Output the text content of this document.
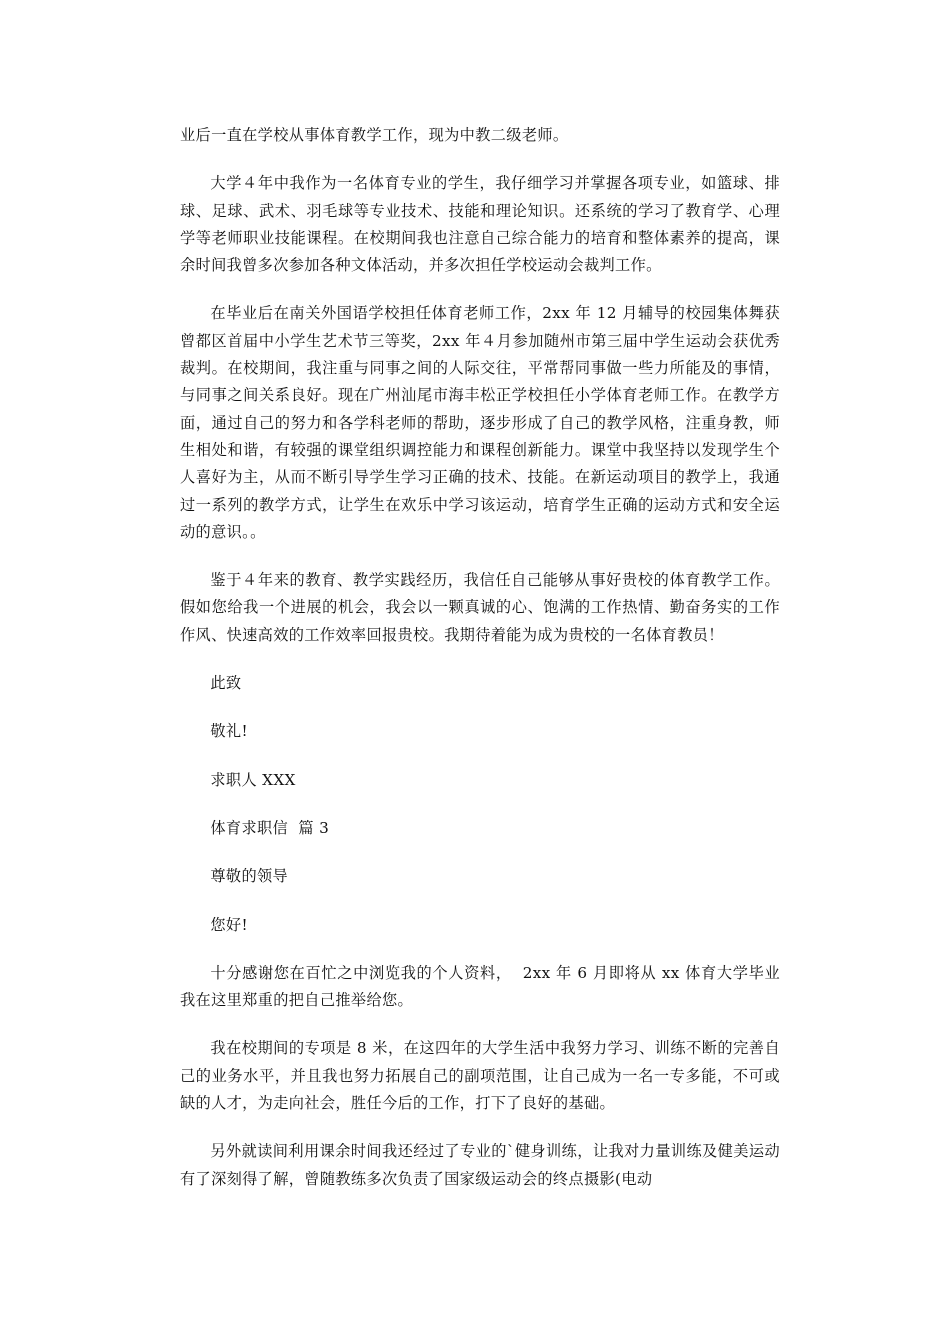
业后一直在学校从事体育教学工作，现为中教二级老师。

大学４年中我作为一名体育专业的学生，我仔细学习并掌握各项专业，如篮球、排球、足球、武术、羽毛球等专业技术、技能和理论知识。还系统的学习了教育学、心理学等老师职业技能课程。在校期间我也注意自己综合能力的培育和整体素养的提高，课余时间我曾多次参加各种文体活动，并多次担任学校运动会裁判工作。

在毕业后在南关外国语学校担任体育老师工作，2xx 年 12 月辅导的校园集体舞获曾都区首届中小学生艺术节三等奖，2xx 年４月参加随州市第三届中学生运动会获优秀裁判。在校期间，我注重与同事之间的人际交往，平常帮同事做一些力所能及的事情，与同事之间关系良好。现在广州汕尾市海丰松正学校担任小学体育老师工作。在教学方面，通过自己的努力和各学科老师的帮助，逐步形成了自己的教学风格，注重身教，师生相处和谐，有较强的课堂组织调控能力和课程创新能力。课堂中我坚持以发现学生个人喜好为主，从而不断引导学生学习正确的技术、技能。在新运动项目的教学上，我通过一系列的教学方式，让学生在欢乐中学习该运动，培育学生正确的运动方式和安全运动的意识。。

鉴于４年来的教育、教学实践经历，我信任自己能够从事好贵校的体育教学工作。假如您给我一个进展的机会，我会以一颗真诚的心、饱满的工作热情、勤奋务实的工作作风、快速高效的工作效率回报贵校。我期待着能为成为贵校的一名体育教员！

此致

敬礼!

求职人 XXX

体育求职信  篇 3

尊敬的领导

您好!

十分感谢您在百忙之中浏览我的个人资料，  2xx 年 6 月即将从 xx 体育大学毕业我在这里郑重的把自己推举给您。

我在校期间的专项是 8 米，在这四年的大学生活中我努力学习、训练不断的完善自己的业务水平，并且我也努力拓展自己的副项范围，让自己成为一名一专多能，不可或缺的人才，为走向社会，胜任今后的工作，打下了良好的基础。

另外就读间利用课余时间我还经过了专业的`健身训练，让我对力量训练及健美运动有了深刻得了解，曾随教练多次负责了国家级运动会的终点摄影(电动
